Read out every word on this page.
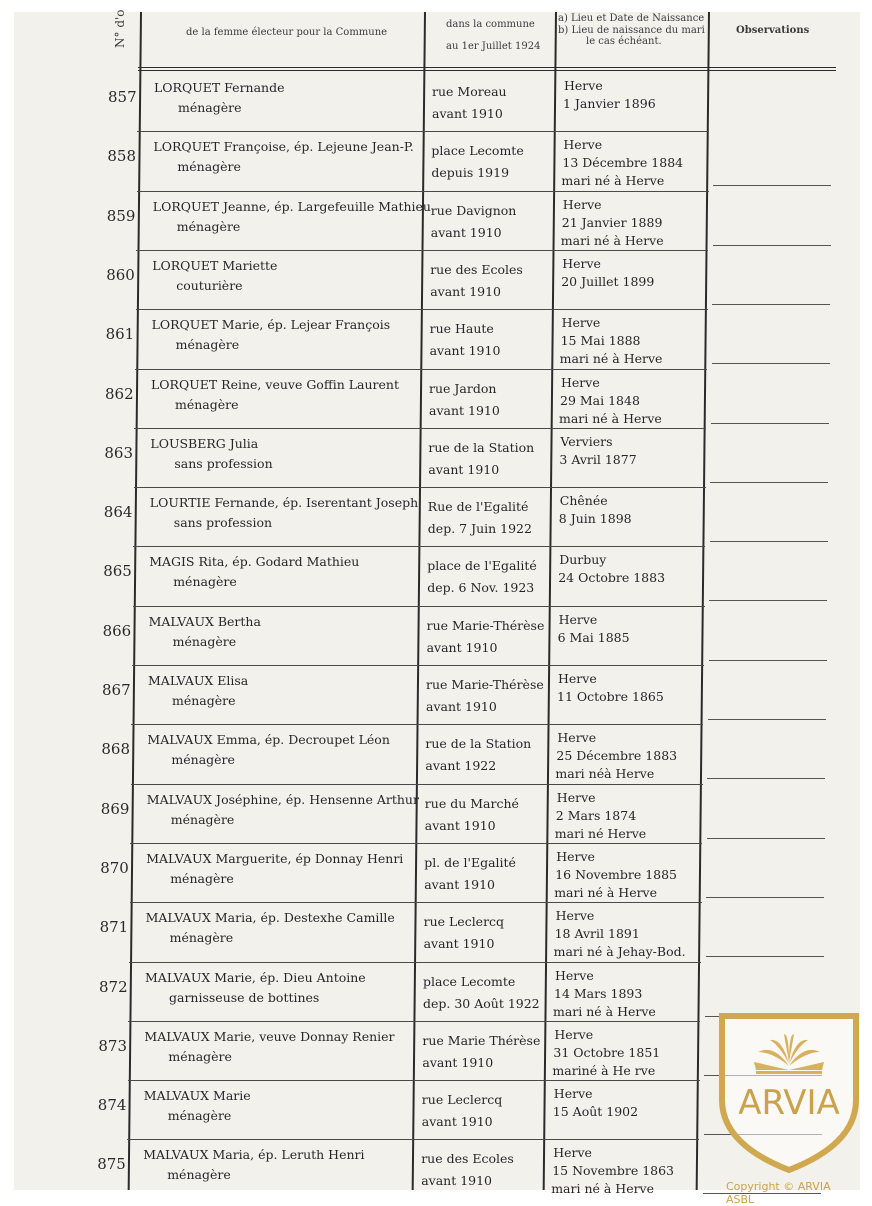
N° d'o	de la femme électeur pour la Commune
dans la commune
au 1er Juillet 1924
a) Lieu et Date de Naissance
b) Lieu de naissance du mari
le cas échéant.
Observations
857
LORQUET Fernande
ménagère
rue Moreau
avant 1910
Herve
1 Janvier 1896
858
LORQUET Françoise, ép. Lejeune Jean-P.
ménagère
place Lecomte
depuis 1919
Herve
13 Décembre 1884
mari né à Herve
859
LORQUET Jeanne, ép. Largefeuille Mathieu
ménagère
rue Davignon
avant 1910
Herve
21 Janvier 1889
mari né à Herve
860
LORQUET Mariette
couturière
rue des Ecoles
avant 1910
Herve
20 Juillet 1899
861
LORQUET Marie, ép. Lejear François
ménagère
rue Haute
avant 1910
Herve
15 Mai 1888
mari né à Herve
862
LORQUET Reine, veuve Goffin Laurent
ménagère
rue Jardon
avant 1910
Herve
29 Mai 1848
mari né à Herve
863
LOUSBERG Julia
sans profession
rue de la Station
avant 1910
Verviers
3 Avril 1877
864
LOURTIE Fernande, ép. Iserentant Joseph
sans profession
Rue de l'Egalité
dep. 7 Juin 1922
Chênée
8 Juin 1898
865
MAGIS Rita, ép. Godard Mathieu
ménagère
place de l'Egalité
dep. 6 Nov. 1923
Durbuy
24 Octobre 1883
866
MALVAUX Bertha
ménagère
rue Marie-Thérèse
avant 1910
Herve
6 Mai 1885
867
MALVAUX Elisa
ménagère
rue Marie-Thérèse
avant 1910
Herve
11 Octobre 1865
868
MALVAUX Emma, ép. Decroupet Léon
ménagère
rue de la Station
avant 1922
Herve
25 Décembre 1883
mari néà Herve
869
MALVAUX Joséphine, ép. Hensenne Arthur
ménagère
rue du Marché
avant 1910
Herve
2 Mars 1874
mari né Herve
870
MALVAUX Marguerite, ép Donnay Henri
ménagère
pl. de l'Egalité
avant 1910
Herve
16 Novembre 1885
mari né à Herve
871
MALVAUX Maria, ép. Destexhe Camille
ménagère
rue Leclercq
avant 1910
Herve
18 Avril 1891
mari né à Jehay-Bod.
872
MALVAUX Marie, ép. Dieu Antoine
garnisseuse de bottines
place Lecomte
dep. 30 Août 1922
Herve
14 Mars 1893
mari né à Herve
873
MALVAUX Marie, veuve Donnay Renier
ménagère
rue Marie Thérèse
avant 1910
Herve
31 Octobre 1851
mariné à He rve
874
MALVAUX Marie
ménagère
rue Leclercq
avant 1910
Herve
15 Août 1902
875
MALVAUX Maria, ép. Leruth Henri
ménagère
rue des Ecoles
avant 1910
Herve
15 Novembre 1863
mari né à Herve
ARVIA
Copyright © ARVIA ASBL
